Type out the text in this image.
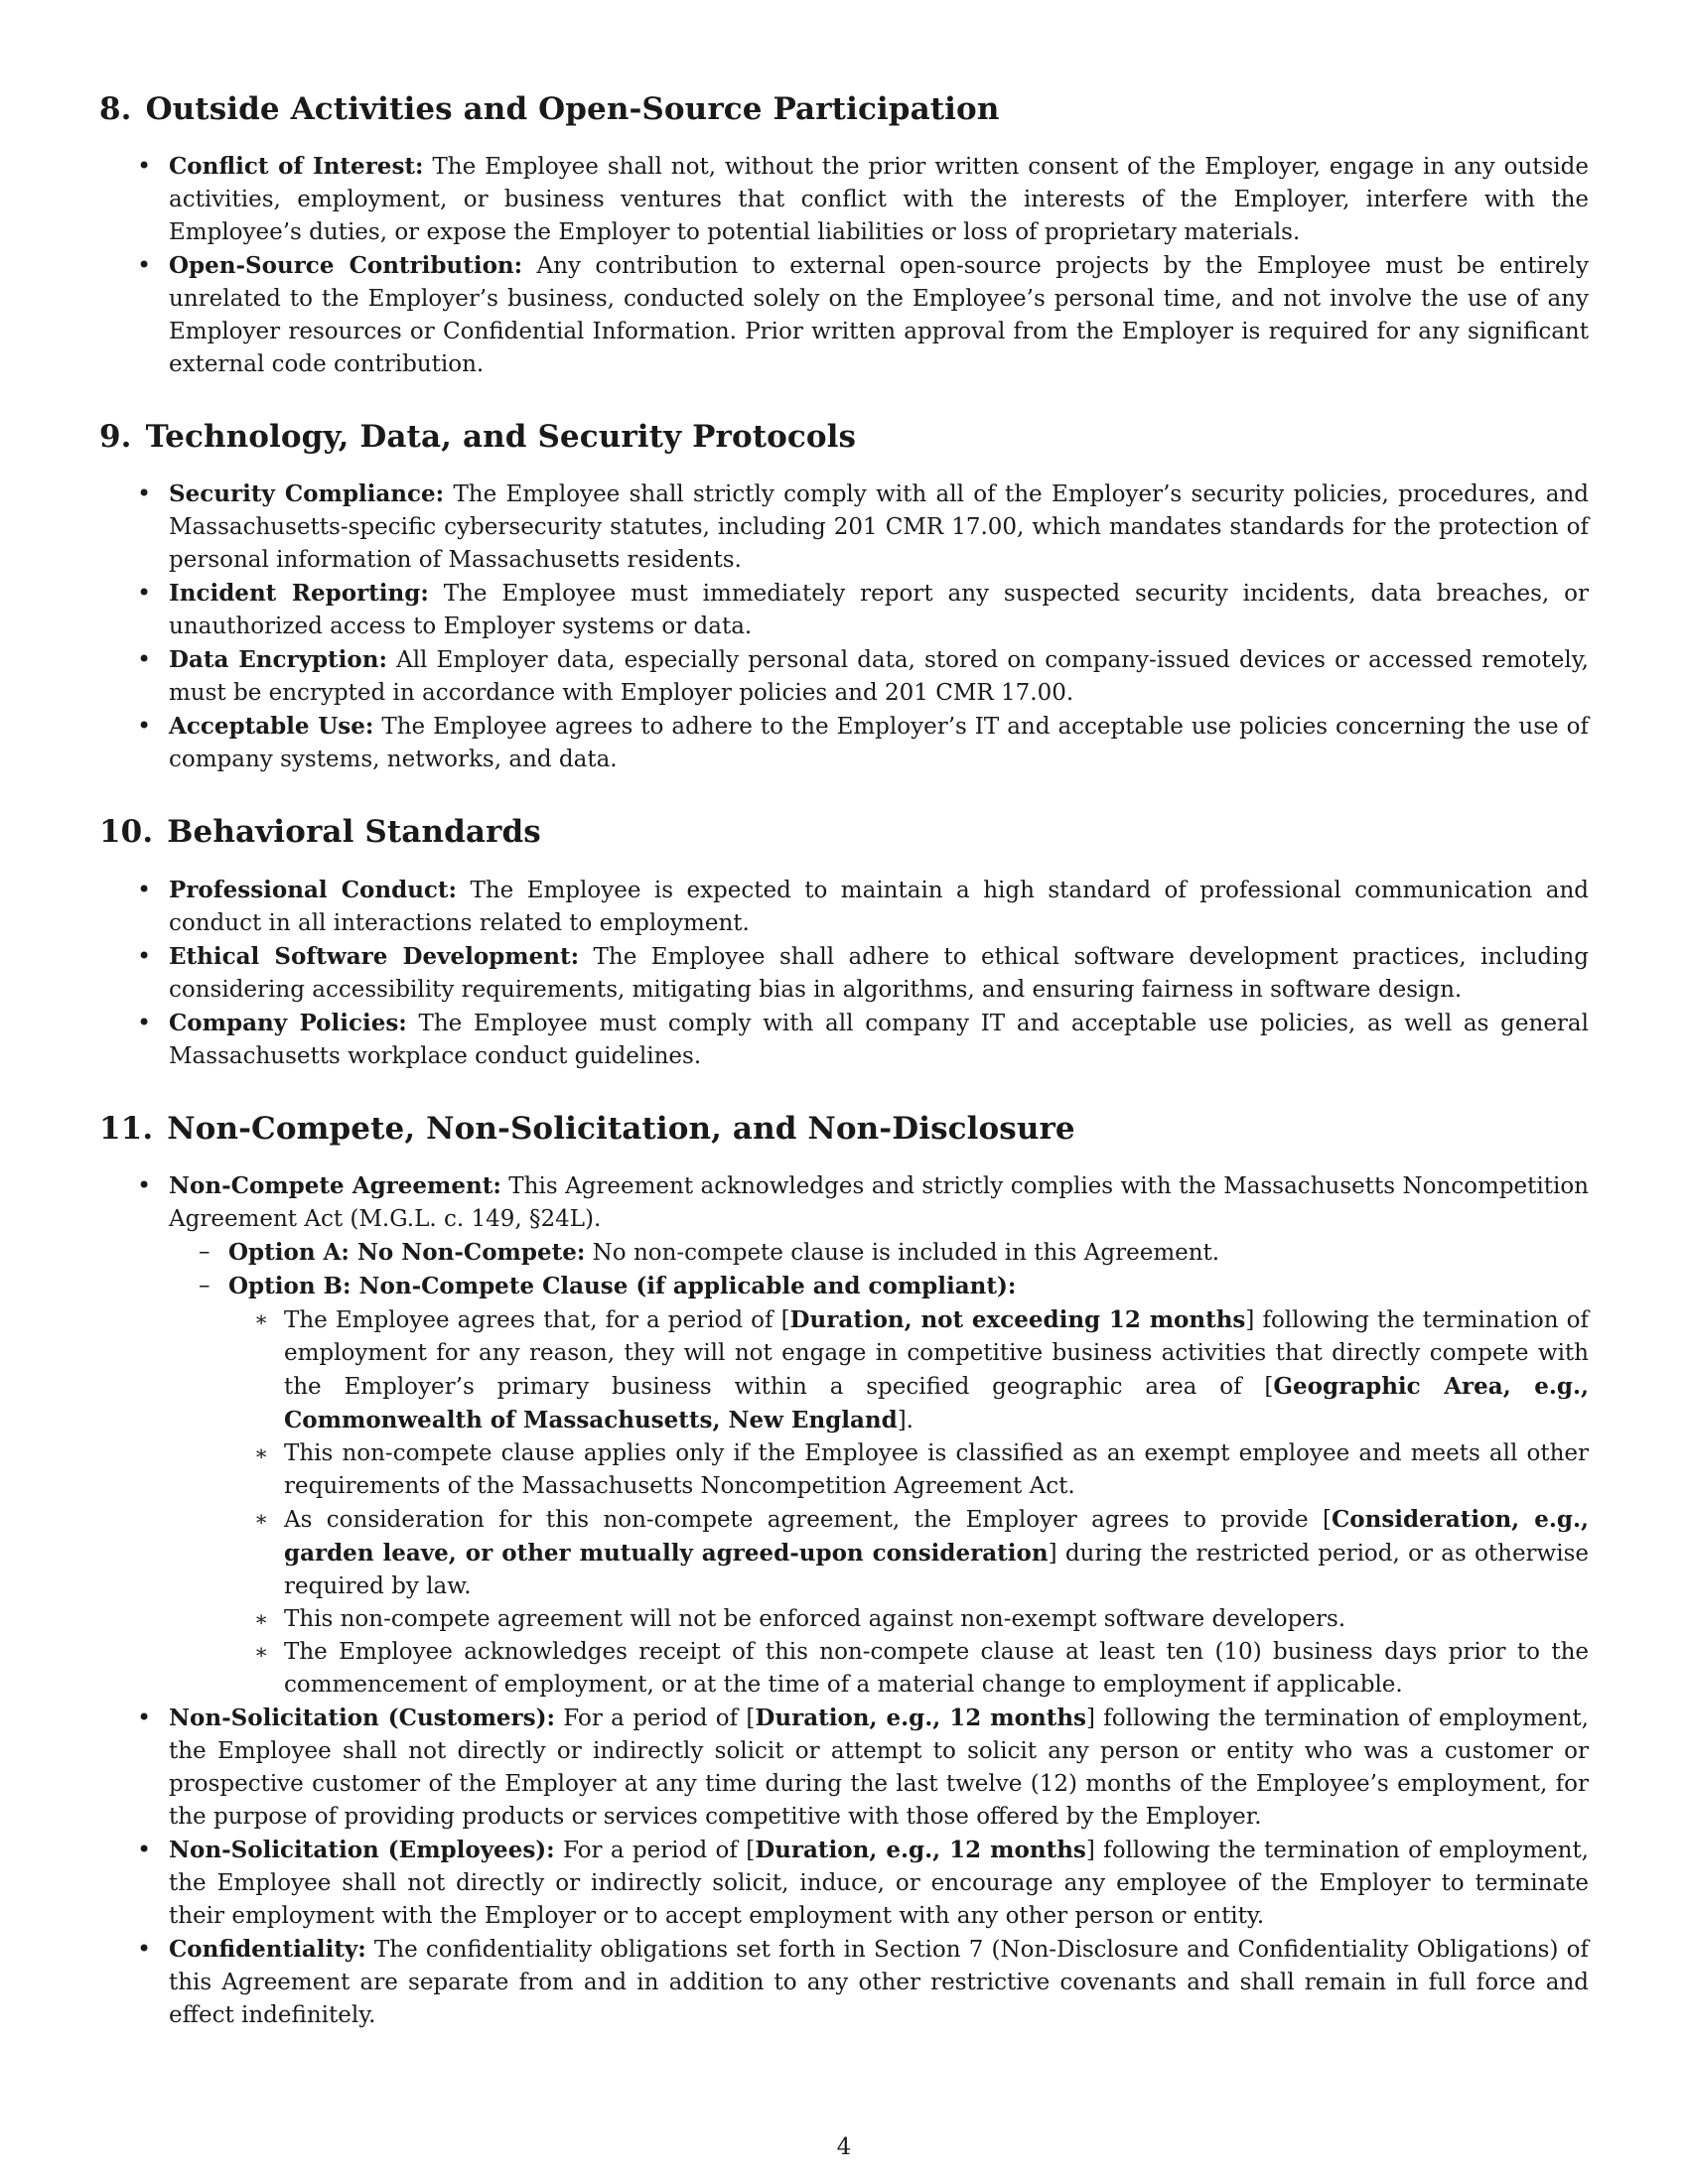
8. Outside Activities and Open-Source Participation
• Conflict of Interest: The Employee shall not, without the prior written consent of the Employer, engage in any outside activities, employment, or business ventures that conflict with the interests of the Employer, interfere with the Employee’s duties, or expose the Employer to potential liabilities or loss of proprietary materials.
• Open-Source Contribution: Any contribution to external open-source projects by the Employee must be entirely unrelated to the Employer’s business, conducted solely on the Employee’s personal time, and not involve the use of any Employer resources or Confidential Information. Prior written approval from the Employer is required for any significant external code contribution.
9. Technology, Data, and Security Protocols
• Security Compliance: The Employee shall strictly comply with all of the Employer’s security policies, procedures, and Massachusetts-specific cybersecurity statutes, including 201 CMR 17.00, which mandates standards for the protection of personal information of Massachusetts residents.
• Incident Reporting: The Employee must immediately report any suspected security incidents, data breaches, or unauthorized access to Employer systems or data.
• Data Encryption: All Employer data, especially personal data, stored on company-issued devices or accessed remotely, must be encrypted in accordance with Employer policies and 201 CMR 17.00.
• Acceptable Use: The Employee agrees to adhere to the Employer’s IT and acceptable use policies concerning the use of company systems, networks, and data.
10. Behavioral Standards
• Professional Conduct: The Employee is expected to maintain a high standard of professional communication and conduct in all interactions related to employment.
• Ethical Software Development: The Employee shall adhere to ethical software development practices, including considering accessibility requirements, mitigating bias in algorithms, and ensuring fairness in software design.
• Company Policies: The Employee must comply with all company IT and acceptable use policies, as well as general Massachusetts workplace conduct guidelines.
11. Non-Compete, Non-Solicitation, and Non-Disclosure
• Non-Compete Agreement: This Agreement acknowledges and strictly complies with the Massachusetts Noncompetition Agreement Act (M.G.L. c. 149, §24L).
– Option A: No Non-Compete: No non-compete clause is included in this Agreement.
– Option B: Non-Compete Clause (if applicable and compliant):
∗ The Employee agrees that, for a period of [Duration, not exceeding 12 months] following the termination of employment for any reason, they will not engage in competitive business activities that directly compete with the Employer’s primary business within a specified geographic area of [Geographic Area, e.g., Commonwealth of Massachusetts, New England].
∗ This non-compete clause applies only if the Employee is classified as an exempt employee and meets all other requirements of the Massachusetts Noncompetition Agreement Act.
∗ As consideration for this non-compete agreement, the Employer agrees to provide [Consideration, e.g., garden leave, or other mutually agreed-upon consideration] during the restricted period, or as otherwise required by law.
∗ This non-compete agreement will not be enforced against non-exempt software developers.
∗ The Employee acknowledges receipt of this non-compete clause at least ten (10) business days prior to the commencement of employment, or at the time of a material change to employment if applicable.
• Non-Solicitation (Customers): For a period of [Duration, e.g., 12 months] following the termination of employment, the Employee shall not directly or indirectly solicit or attempt to solicit any person or entity who was a customer or prospective customer of the Employer at any time during the last twelve (12) months of the Employee’s employment, for the purpose of providing products or services competitive with those offered by the Employer.
• Non-Solicitation (Employees): For a period of [Duration, e.g., 12 months] following the termination of employment, the Employee shall not directly or indirectly solicit, induce, or encourage any employee of the Employer to terminate their employment with the Employer or to accept employment with any other person or entity.
• Confidentiality: The confidentiality obligations set forth in Section 7 (Non-Disclosure and Confidentiality Obligations) of this Agreement are separate from and in addition to any other restrictive covenants and shall remain in full force and effect indefinitely.
4
